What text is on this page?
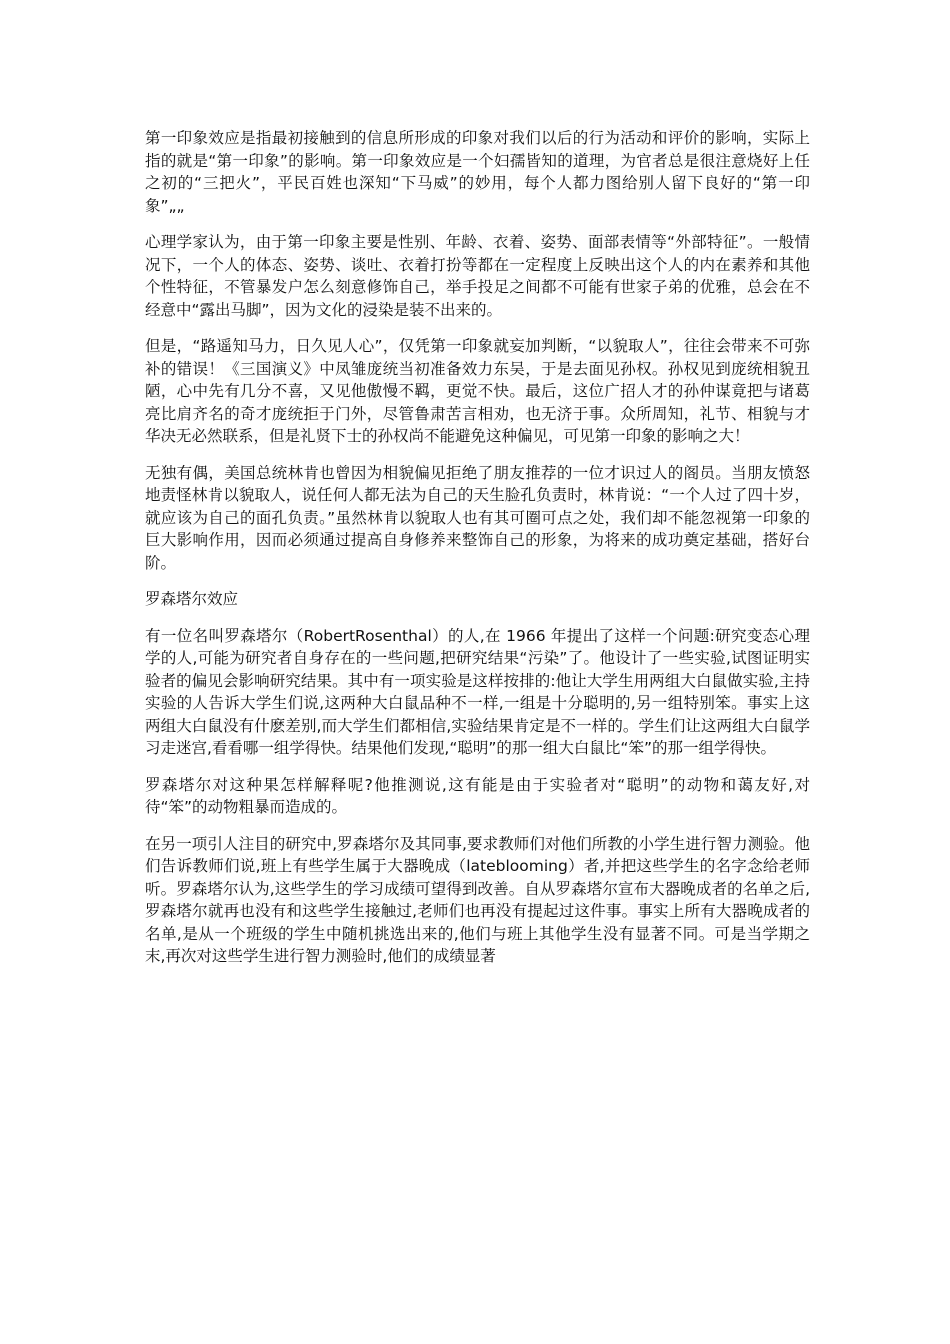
第一印象效应是指最初接触到的信息所形成的印象对我们以后的行为活动和评价的影响，实际上指的就是“第一印象”的影响。第一印象效应是一个妇孺皆知的道理，为官者总是很注意烧好上任之初的“三把火”，平民百姓也深知“下马威”的妙用，每个人都力图给别人留下良好的“第一印象”„„

心理学家认为，由于第一印象主要是性别、年龄、衣着、姿势、面部表情等“外部特征”。一般情况下，一个人的体态、姿势、谈吐、衣着打扮等都在一定程度上反映出这个人的内在素养和其他个性特征，不管暴发户怎么刻意修饰自己，举手投足之间都不可能有世家子弟的优雅，总会在不经意中“露出马脚”，因为文化的浸染是装不出来的。

但是，“路遥知马力，日久见人心”，仅凭第一印象就妄加判断，“以貌取人”，往往会带来不可弥补的错误！《三国演义》中凤雏庞统当初准备效力东吴，于是去面见孙权。孙权见到庞统相貌丑陋，心中先有几分不喜，又见他傲慢不羁，更觉不快。最后，这位广招人才的孙仲谋竟把与诸葛亮比肩齐名的奇才庞统拒于门外，尽管鲁肃苦言相劝，也无济于事。众所周知，礼节、相貌与才华决无必然联系，但是礼贤下士的孙权尚不能避免这种偏见，可见第一印象的影响之大！

无独有偶，美国总统林肯也曾因为相貌偏见拒绝了朋友推荐的一位才识过人的阁员。当朋友愤怒地责怪林肯以貌取人，说任何人都无法为自己的天生脸孔负责时，林肯说：“一个人过了四十岁，就应该为自己的面孔负责。”虽然林肯以貌取人也有其可圈可点之处，我们却不能忽视第一印象的巨大影响作用，因而必须通过提高自身修养来整饰自己的形象，为将来的成功奠定基础，搭好台阶。

罗森塔尔效应

有一位名叫罗森塔尔（RobertRosenthal）的人,在 1966 年提出了这样一个问题:研究变态心理学的人,可能为研究者自身存在的一些问题,把研究结果“污染”了。他设计了一些实验,试图证明实验者的偏见会影响研究结果。其中有一项实验是这样按排的:他让大学生用两组大白鼠做实验,主持实验的人告诉大学生们说,这两种大白鼠品种不一样,一组是十分聪明的,另一组特别笨。事实上这两组大白鼠没有什麽差别,而大学生们都相信,实验结果肯定是不一样的。学生们让这两组大白鼠学习走迷宫,看看哪一组学得快。结果他们发现,“聪明”的那一组大白鼠比“笨”的那一组学得快。

罗森塔尔对这种果怎样解释呢?他推测说,这有能是由于实验者对“聪明”的动物和蔼友好,对待“笨”的动物粗暴而造成的。

在另一项引人注目的研究中,罗森塔尔及其同事,要求教师们对他们所教的小学生进行智力测验。他们告诉教师们说,班上有些学生属于大器晚成（lateblooming）者,并把这些学生的名字念给老师听。罗森塔尔认为,这些学生的学习成绩可望得到改善。自从罗森塔尔宣布大器晚成者的名单之后,罗森塔尔就再也没有和这些学生接触过,老师们也再没有提起过这件事。事实上所有大器晚成者的名单,是从一个班级的学生中随机挑选出来的,他们与班上其他学生没有显著不同。可是当学期之末,再次对这些学生进行智力测验时,他们的成绩显著
